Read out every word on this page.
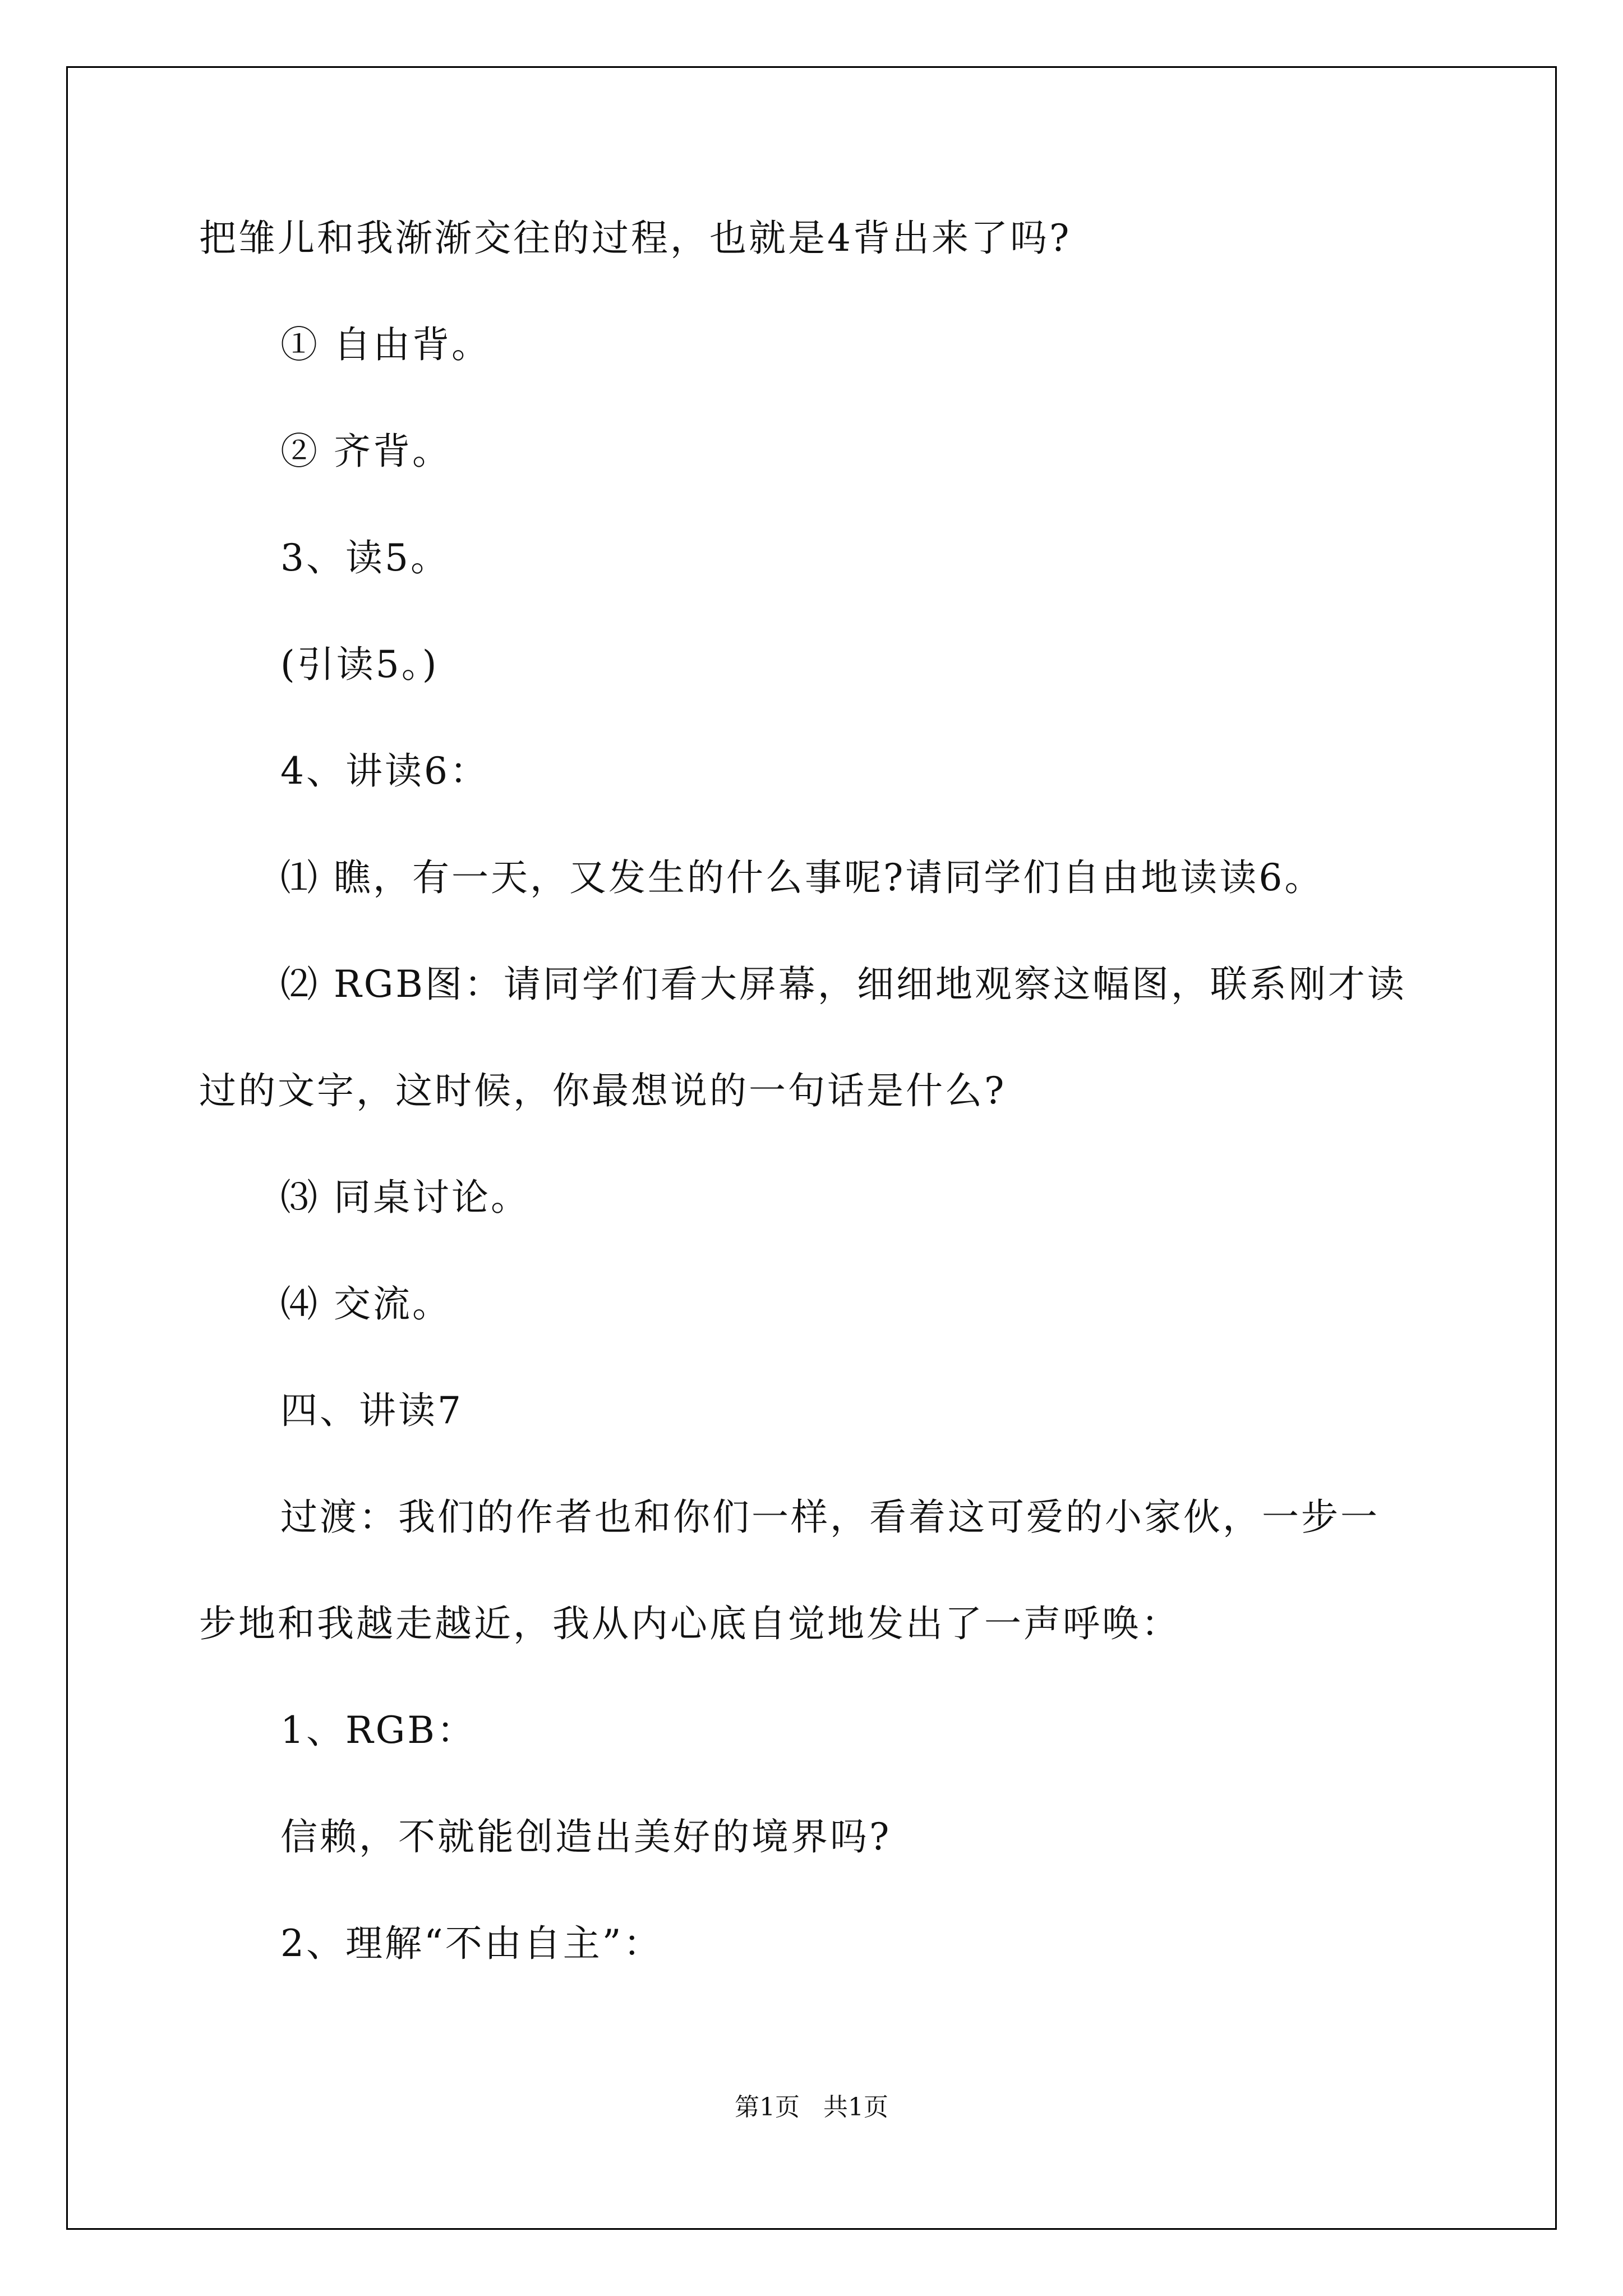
把雏儿和我渐渐交往的过程，也就是4背出来了吗?
① 自由背。
② 齐背。
3、读5。
(引读5。)
4、讲读6：
⑴ 瞧，有一天，又发生的什么事呢?请同学们自由地读读6。
⑵ RGB图：请同学们看大屏幕，细细地观察这幅图，联系刚才读
过的文字，这时候，你最想说的一句话是什么?
⑶ 同桌讨论。
⑷ 交流。
四、讲读7
过渡：我们的作者也和你们一样，看着这可爱的小家伙，一步一
步地和我越走越近，我从内心底自觉地发出了一声呼唤：
1、RGB：
信赖，不就能创造出美好的境界吗?
2、理解“不由自主”：
第1页   共1页
